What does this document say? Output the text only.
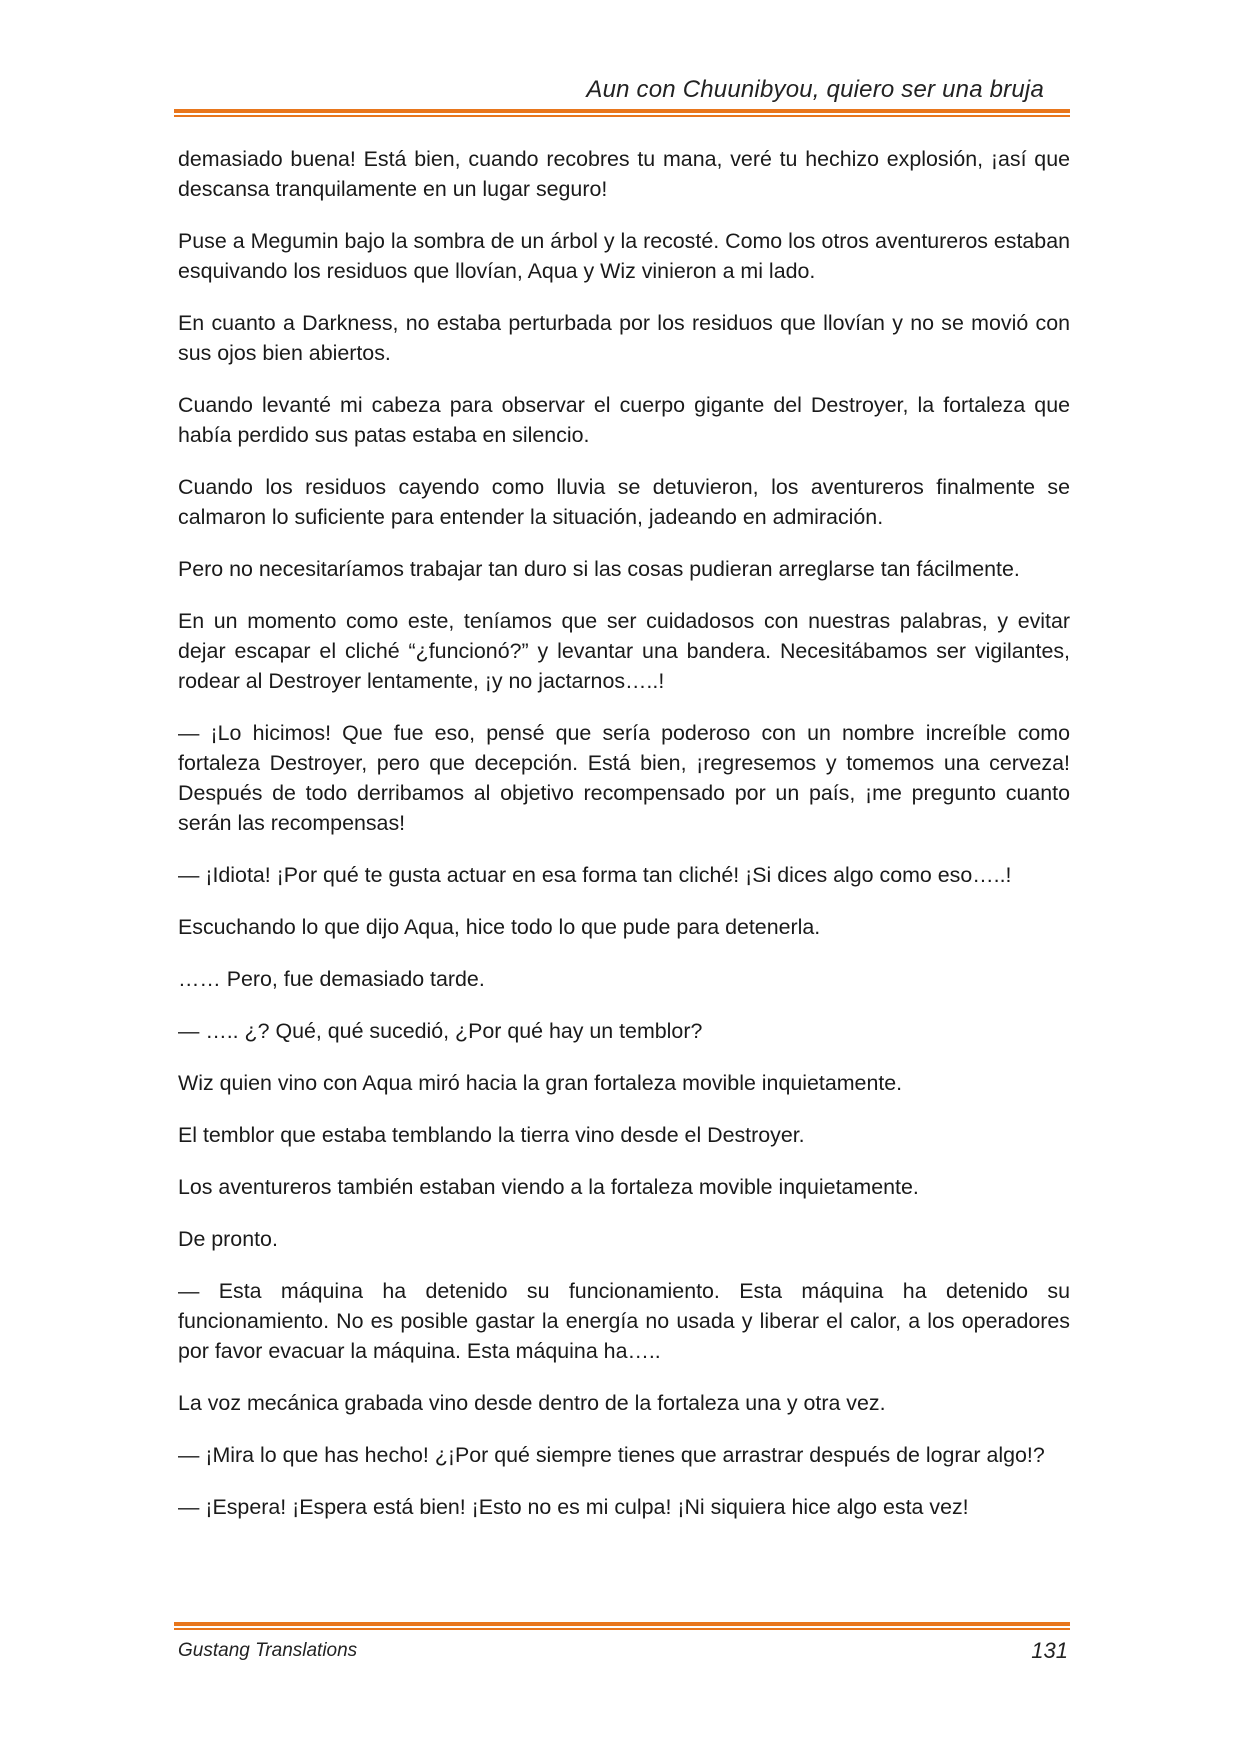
Aun con Chuunibyou, quiero ser una bruja

demasiado buena! Está bien, cuando recobres tu mana, veré tu hechizo explosión, ¡así que descansa tranquilamente en un lugar seguro!

Puse a Megumin bajo la sombra de un árbol y la recosté. Como los otros aventureros estaban esquivando los residuos que llovían, Aqua y Wiz vinieron a mi lado.

En cuanto a Darkness, no estaba perturbada por los residuos que llovían y no se movió con sus ojos bien abiertos.

Cuando levanté mi cabeza para observar el cuerpo gigante del Destroyer, la fortaleza que había perdido sus patas estaba en silencio.

Cuando los residuos cayendo como lluvia se detuvieron, los aventureros finalmente se calmaron lo suficiente para entender la situación, jadeando en admiración.

Pero no necesitaríamos trabajar tan duro si las cosas pudieran arreglarse tan fácilmente.

En un momento como este, teníamos que ser cuidadosos con nuestras palabras, y evitar dejar escapar el cliché “¿funcionó?” y levantar una bandera. Necesitábamos ser vigilantes, rodear al Destroyer lentamente, ¡y no jactarnos…..!

— ¡Lo hicimos! Que fue eso, pensé que sería poderoso con un nombre increíble como fortaleza Destroyer, pero que decepción. Está bien, ¡regresemos y tomemos una cerveza! Después de todo derribamos al objetivo recompensado por un país, ¡me pregunto cuanto serán las recompensas!

— ¡Idiota! ¡Por qué te gusta actuar en esa forma tan cliché! ¡Si dices algo como eso…..!

Escuchando lo que dijo Aqua, hice todo lo que pude para detenerla.

…… Pero, fue demasiado tarde.

— ….. ¿? Qué, qué sucedió, ¿Por qué hay un temblor?

Wiz quien vino con Aqua miró hacia la gran fortaleza movible inquietamente.

El temblor que estaba temblando la tierra vino desde el Destroyer.

Los aventureros también estaban viendo a la fortaleza movible inquietamente.

De pronto.

— Esta máquina ha detenido su funcionamiento. Esta máquina ha detenido su funcionamiento. No es posible gastar la energía no usada y liberar el calor, a los operadores por favor evacuar la máquina. Esta máquina ha…..

La voz mecánica grabada vino desde dentro de la fortaleza una y otra vez.

— ¡Mira lo que has hecho! ¿¡Por qué siempre tienes que arrastrar después de lograr algo!?

— ¡Espera! ¡Espera está bien! ¡Esto no es mi culpa! ¡Ni siquiera hice algo esta vez!

Gustang Translations	131
